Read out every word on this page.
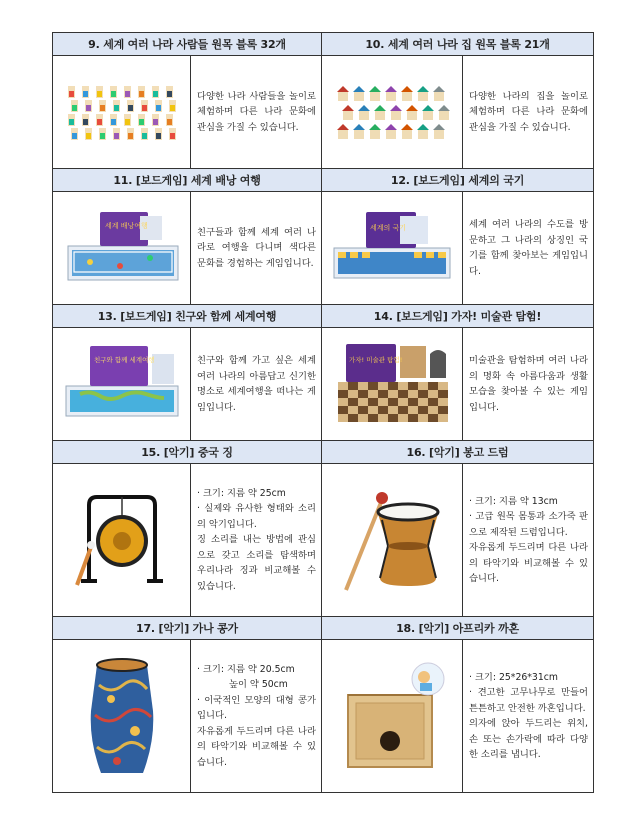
9. 세계 여러 나라 사람들 원목 블록 32개		10. 세계 여러 나라 집 원목 블록 21개	

다양한 나라 사람들을 놀이로 체험하며 다른 나라 문화에 관심을 가질 수 있습니다.		다양한 나라의 집을 놀이로 체험하며 다른 나라 문화에 관심을 가질 수 있습니다.

11. [보드게임] 세계 배낭 여행		12. [보드게임] 세계의 국기	

세계 배낭여행	친구들과 함께 세계 여러 나라로 여행을 다니며 색다른 문화를 경험하는 게임입니다.	세계의 국기	세계 여러 나라의 수도를 방문하고 그 나라의 상징인 국기를 함께 찾아보는 게임입니다.

13. [보드게임] 친구와 함께 세계여행		14. [보드게임] 가자! 미술관 탐험!	

친구와 함께 세계여행	친구와 함께 가고 싶은 세계 여러 나라의 아름답고 신기한 명소로 세계여행을 떠나는 게임입니다.	가자! 미술관 탐험!	미술관을 탐험하며 여러 나라의 명화 속 아름다움과 생활 모습을 찾아볼 수 있는 게임입니다.

15. [악기] 중국 징		16. [악기] 봉고 드럼	

· 크기: 지름 약 25cm
· 실제와 유사한 형태와 소리의 악기입니다.
징 소리를 내는 방법에 관심으로 갖고 소리를 탐색하며 우리나라 징과 비교해볼 수 있습니다.		· 크기: 지름 약 13cm
· 고급 원목 몸통과 소가죽 판으로 제작된 드럼입니다.
자유롭게 두드리며 다른 나라의 타악기와 비교해볼 수 있습니다.

17. [악기] 가나 콩가		18. [악기] 아프리카 까혼	

· 크기: 지름 약 20.5cm
높이 약 50cm
· 이국적인 모양의 대형 콩가입니다.
자유롭게 두드리며 다른 나라의 타악기와 비교해볼 수 있습니다.		· 크기: 25*26*31cm
· 견고한 고무나무로 만들어 튼튼하고 안전한 까혼입니다.
의자에 앉아 두드리는 위치, 손 또는 손가락에 따라 다양한 소리를 냅니다.
